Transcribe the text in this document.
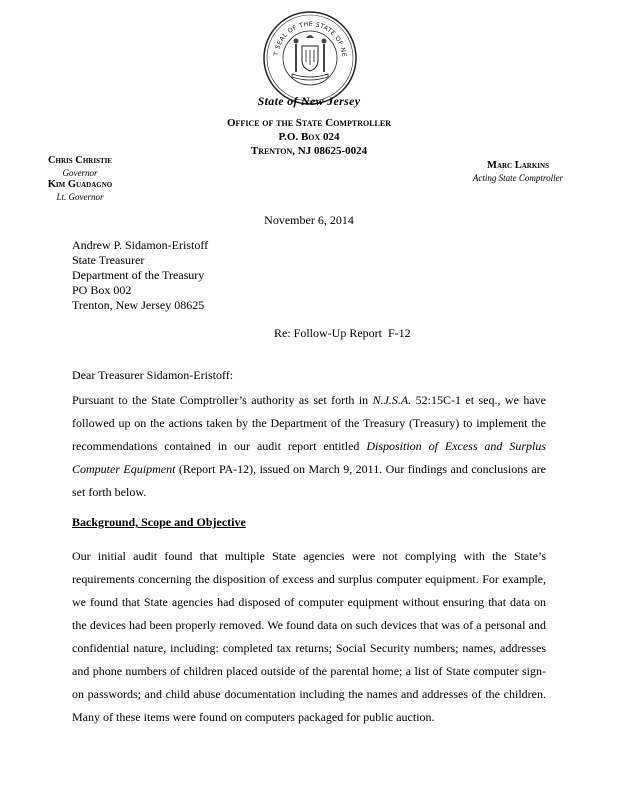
T SEAL OF THE STATE OF NE
State of New Jersey
Office of the State Comptroller
P.O. Box 024
Trenton, NJ 08625-0024
Chris Christie
Governor
Kim Guadagno
Lt. Governor
Marc Larkins
Acting State Comptroller
November 6, 2014
Andrew P. Sidamon-Eristoff
State Treasurer
Department of the Treasury
PO Box 002
Trenton, New Jersey 08625
Re: Follow-Up Report  F-12
Dear Treasurer Sidamon-Eristoff:
Pursuant to the State Comptroller’s authority as set forth in N.J.S.A. 52:15C-1 et seq., we have followed up on the actions taken by the Department of the Treasury (Treasury) to implement the recommendations contained in our audit report entitled Disposition of Excess and Surplus Computer Equipment (Report PA-12), issued on March 9, 2011. Our findings and conclusions are set forth below.
Background, Scope and Objective
Our initial audit found that multiple State agencies were not complying with the State’s requirements concerning the disposition of excess and surplus computer equipment. For example, we found that State agencies had disposed of computer equipment without ensuring that data on the devices had been properly removed. We found data on such devices that was of a personal and confidential nature, including: completed tax returns; Social Security numbers; names, addresses and phone numbers of children placed outside of the parental home; a list of State computer sign-on passwords; and child abuse documentation including the names and addresses of the children. Many of these items were found on computers packaged for public auction.
